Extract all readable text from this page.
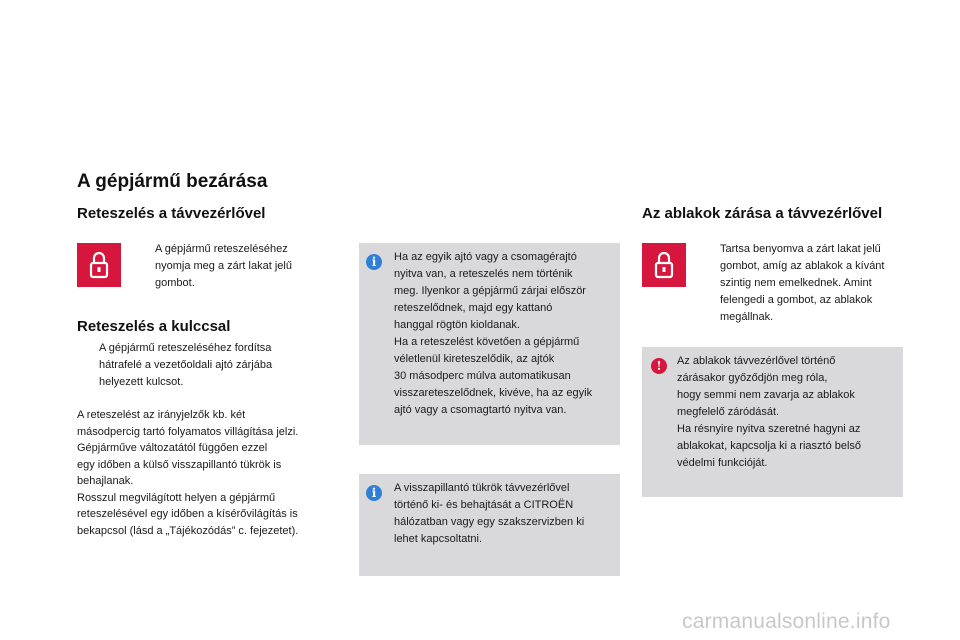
A gépjármű bezárása
Reteszelés a távvezérlővel
A gépjármű reteszeléséhez
nyomja meg a zárt lakat jelű
gombot.
Reteszelés a kulccsal
A gépjármű reteszeléséhez fordítsa
hátrafelé a vezetőoldali ajtó zárjába
helyezett kulcsot.
A reteszelést az irányjelzők kb. két
másodpercig tartó folyamatos villágítása jelzi.
Gépjárműve változatától függően ezzel
egy időben a külső visszapillantó tükrök is
behajlanak.
Rosszul megvilágított helyen a gépjármű
reteszelésével egy időben a kísérővilágítás is
bekapcsol (lásd a „Tájékozódás” c. fejezetet).
i	Ha az egyik ajtó vagy a csomagérajtó
nyitva van, a reteszelés nem történik
meg. Ilyenkor a gépjármű zárjai először
reteszelődnek, majd egy kattanó
hanggal rögtön kioldanak.
Ha a reteszelést követően a gépjármű
véletlenül kireteszelődik, az ajtók
30 másodperc múlva automatikusan
visszareteszelődnek, kivéve, ha az egyik
ajtó vagy a csomagtartó nyitva van.
i	A visszapillantó tükrök távvezérlővel
történő ki- és behajtását a CITROËN
hálózatban vagy egy szakszervizben ki
lehet kapcsoltatni.
Az ablakok zárása a távvezérlővel
Tartsa benyomva a zárt lakat jelű
gombot, amíg az ablakok a kívánt
szintig nem emelkednek. Amint
felengedi a gombot, az ablakok
megállnak.
!	Az ablakok távvezérlővel történő
zárásakor győződjön meg róla,
hogy semmi nem zavarja az ablakok
megfelelő záródását.
Ha résnyire nyitva szeretné hagyni az
ablakokat, kapcsolja ki a riasztó belső
védelmi funkcióját.
carmanualsonline.info
